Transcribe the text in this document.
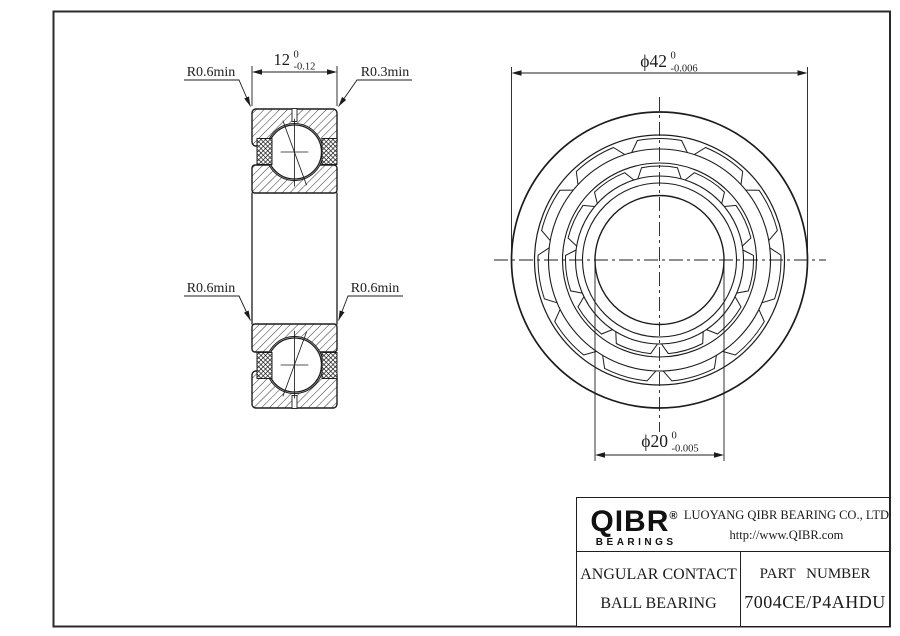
12 0
-0.12
R0.6min	R0.3min
R0.6min	R0.6min
ϕ42 0
-0.006
ϕ20 0
-0.005
QIBR®
BEARINGS
LUOYANG QIBR BEARING CO., LTD
http://www.QIBR.com
ANGULAR CONTACT
BALL BEARING
PART NUMBER
7004CE/P4AHDU
